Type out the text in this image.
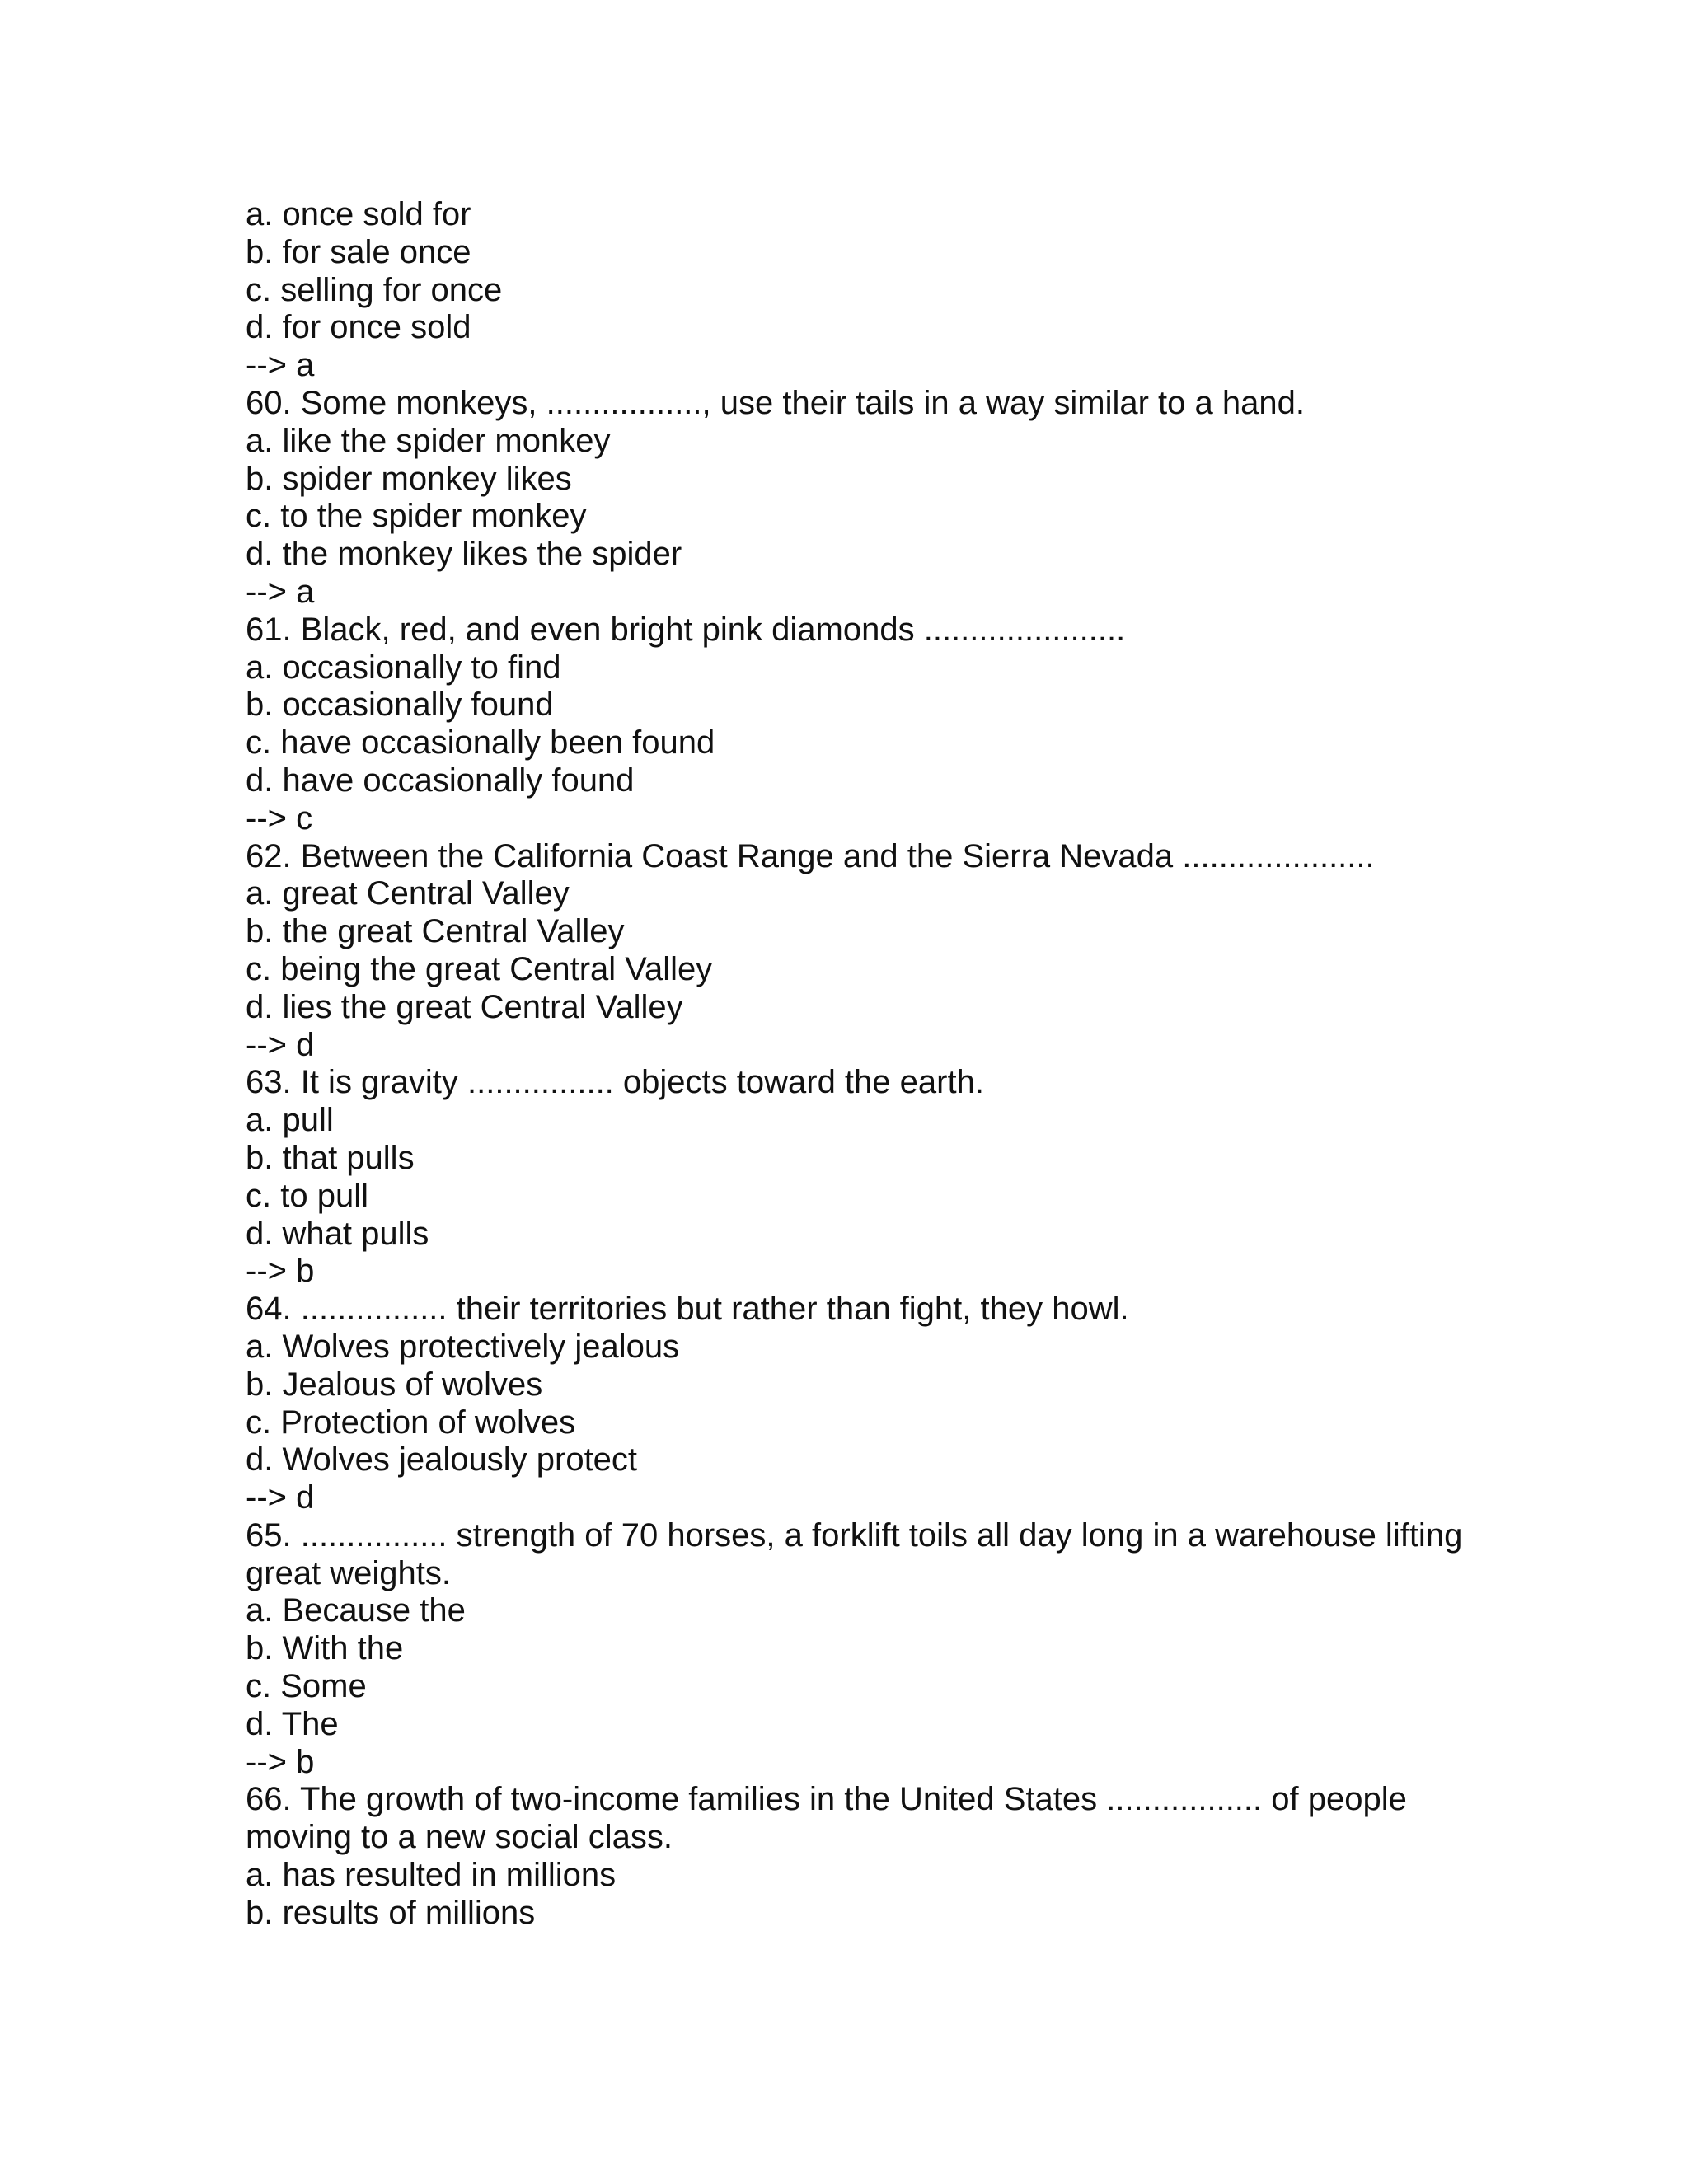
a. once sold for

b. for sale once

c. selling for once

d. for once sold

--> a

60. Some monkeys, ................., use their tails in a way similar to a hand.

a. like the spider monkey

b. spider monkey likes

c. to the spider monkey

d. the monkey likes the spider

--> a

61. Black, red, and even bright pink diamonds ......................

a. occasionally to find

b. occasionally found

c. have occasionally been found

d. have occasionally found

--> c

62. Between the California Coast Range and the Sierra Nevada .....................

a. great Central Valley

b. the great Central Valley

c. being the great Central Valley

d. lies the great Central Valley

--> d

63. It is gravity ................ objects toward the earth.

a. pull

b. that pulls

c. to pull

d. what pulls

--> b

64. ................ their territories but rather than fight, they howl.

a. Wolves protectively jealous

b. Jealous of wolves

c. Protection of wolves

d. Wolves jealously protect

--> d

65. ................ strength of 70 horses, a forklift toils all day long in a warehouse lifting great weights.

a. Because the

b. With the

c. Some

d. The

--> b

66. The growth of two-income families in the United States ................. of people moving to a new social class.

a. has resulted in millions

b. results of millions
